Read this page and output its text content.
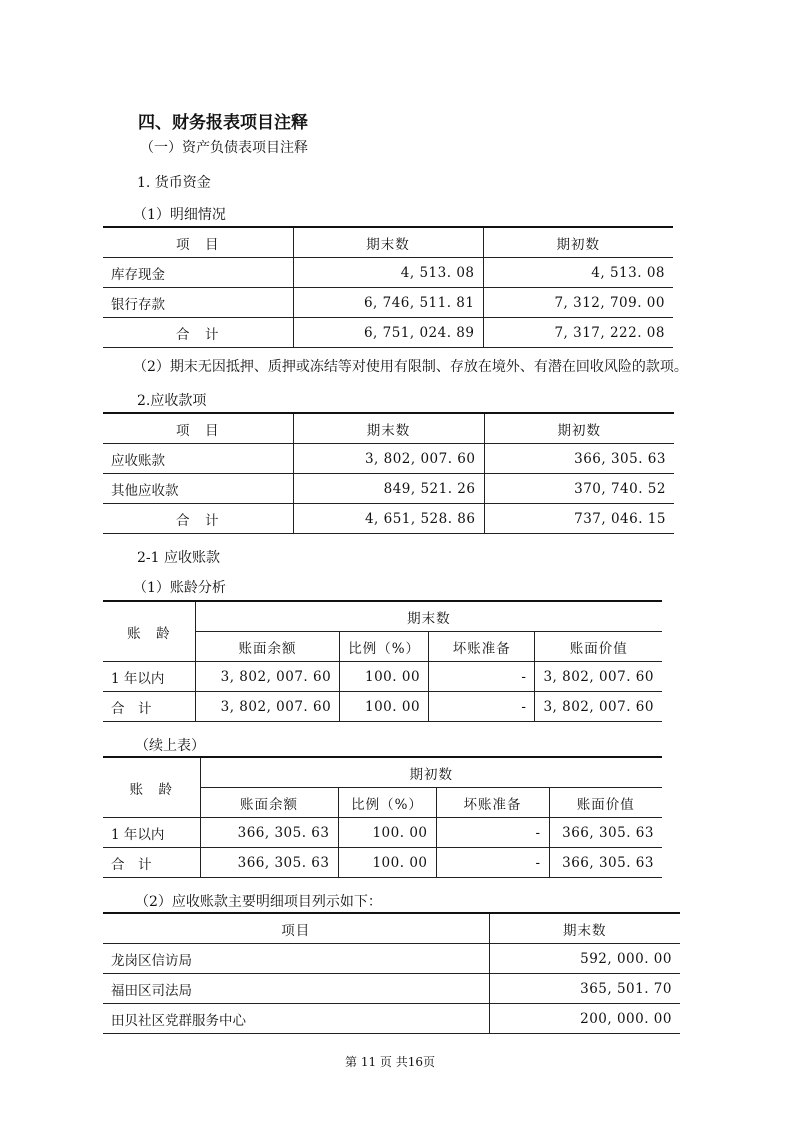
四、财务报表项目注释
（一）资产负债表项目注释
1. 货币资金
（1）明细情况
项　目	期末数	期初数
库存现金	4, 513. 08	4, 513. 08
银行存款	6, 746, 511. 81	7, 312, 709. 00
合　计	6, 751, 024. 89	7, 317, 222. 08
（2）期末无因抵押、质押或冻结等对使用有限制、存放在境外、有潜在回收风险的款项。
2.应收款项
项　目	期末数	期初数
应收账款	3, 802, 007. 60	366, 305. 63
其他应收款	849, 521. 26	370, 740. 52
合　计	4, 651, 528. 86	737, 046. 15
2-1 应收账款
（1）账龄分析
账　龄	期末数			
	账面余额	比例（%）	坏账准备	账面价值
1 年以内	3, 802, 007. 60	100. 00	-	3, 802, 007. 60
合　计	3, 802, 007. 60	100. 00	-	3, 802, 007. 60
（续上表）
账　龄	期初数			
	账面余额	比例（%）	坏账准备	账面价值
1 年以内	366, 305. 63	100. 00	-	366, 305. 63
合　计	366, 305. 63	100. 00	-	366, 305. 63
（2）应收账款主要明细项目列示如下：
项目	期末数
龙岗区信访局	592, 000. 00
福田区司法局	365, 501. 70
田贝社区党群服务中心	200, 000. 00
第 11 页 共16页
